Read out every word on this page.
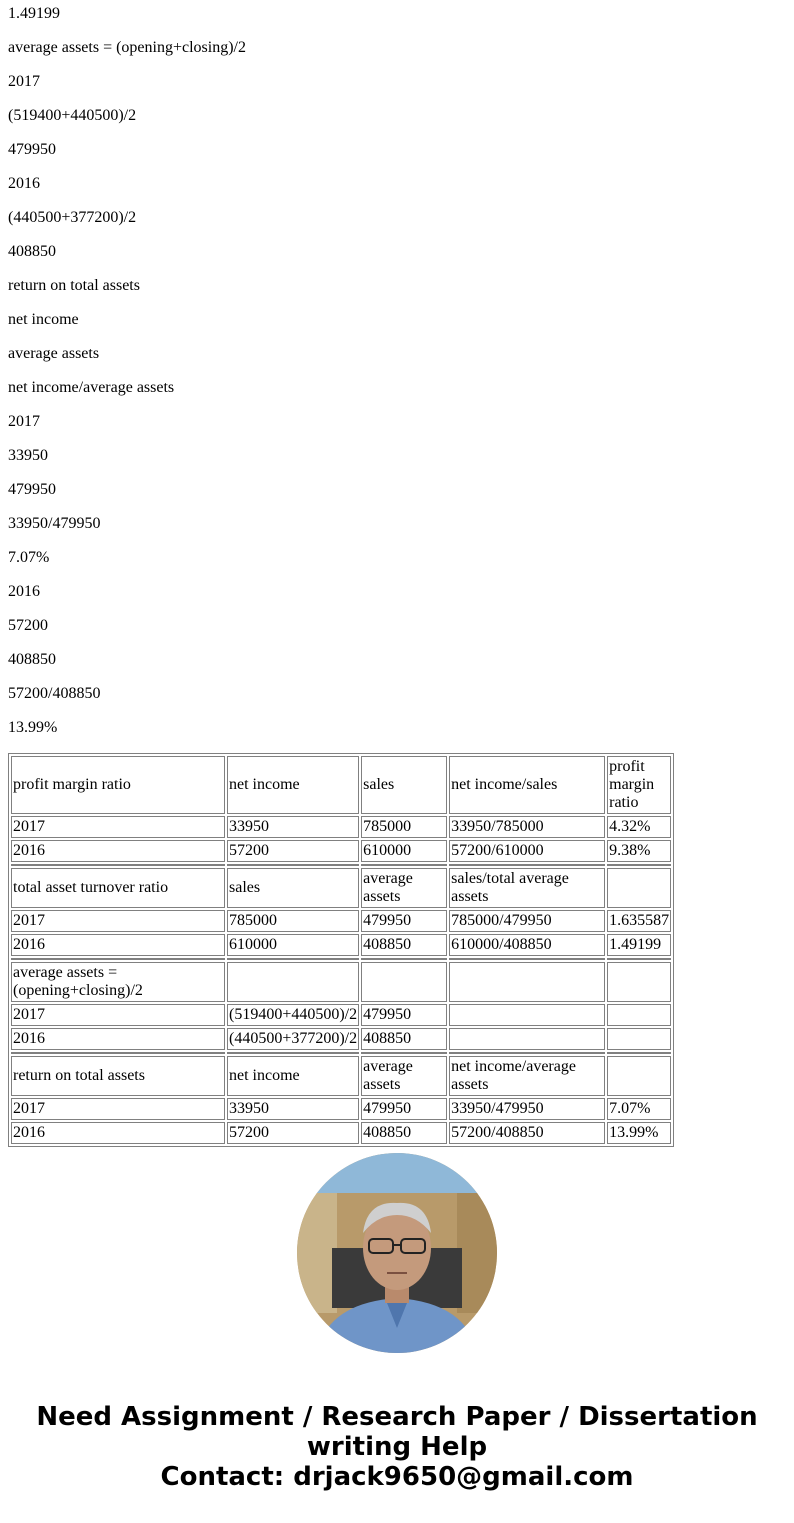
1.49199

average assets = (opening+closing)/2

2017

(519400+440500)/2

479950

2016

(440500+377200)/2

408850

return on total assets

net income

average assets

net income/average assets

2017

33950

479950

33950/479950

7.07%

2016

57200

408850

57200/408850

13.99%

profit margin ratio	net income	sales	net income/sales	profit margin ratio
2017	33950	785000	33950/785000	4.32%
2016	57200	610000	57200/610000	9.38%

total asset turnover ratio	sales	average assets	sales/total average assets	
2017	785000	479950	785000/479950	1.635587
2016	610000	408850	610000/408850	1.49199

average assets = (opening+closing)/2				
2017	(519400+440500)/2	479950		
2016	(440500+377200)/2	408850		

return on total assets	net income	average assets	net income/average assets	
2017	33950	479950	33950/479950	7.07%
2016	57200	408850	57200/408850	13.99%
Need Assignment / Research Paper / Dissertation writing Help
Contact: drjack9650@gmail.com
